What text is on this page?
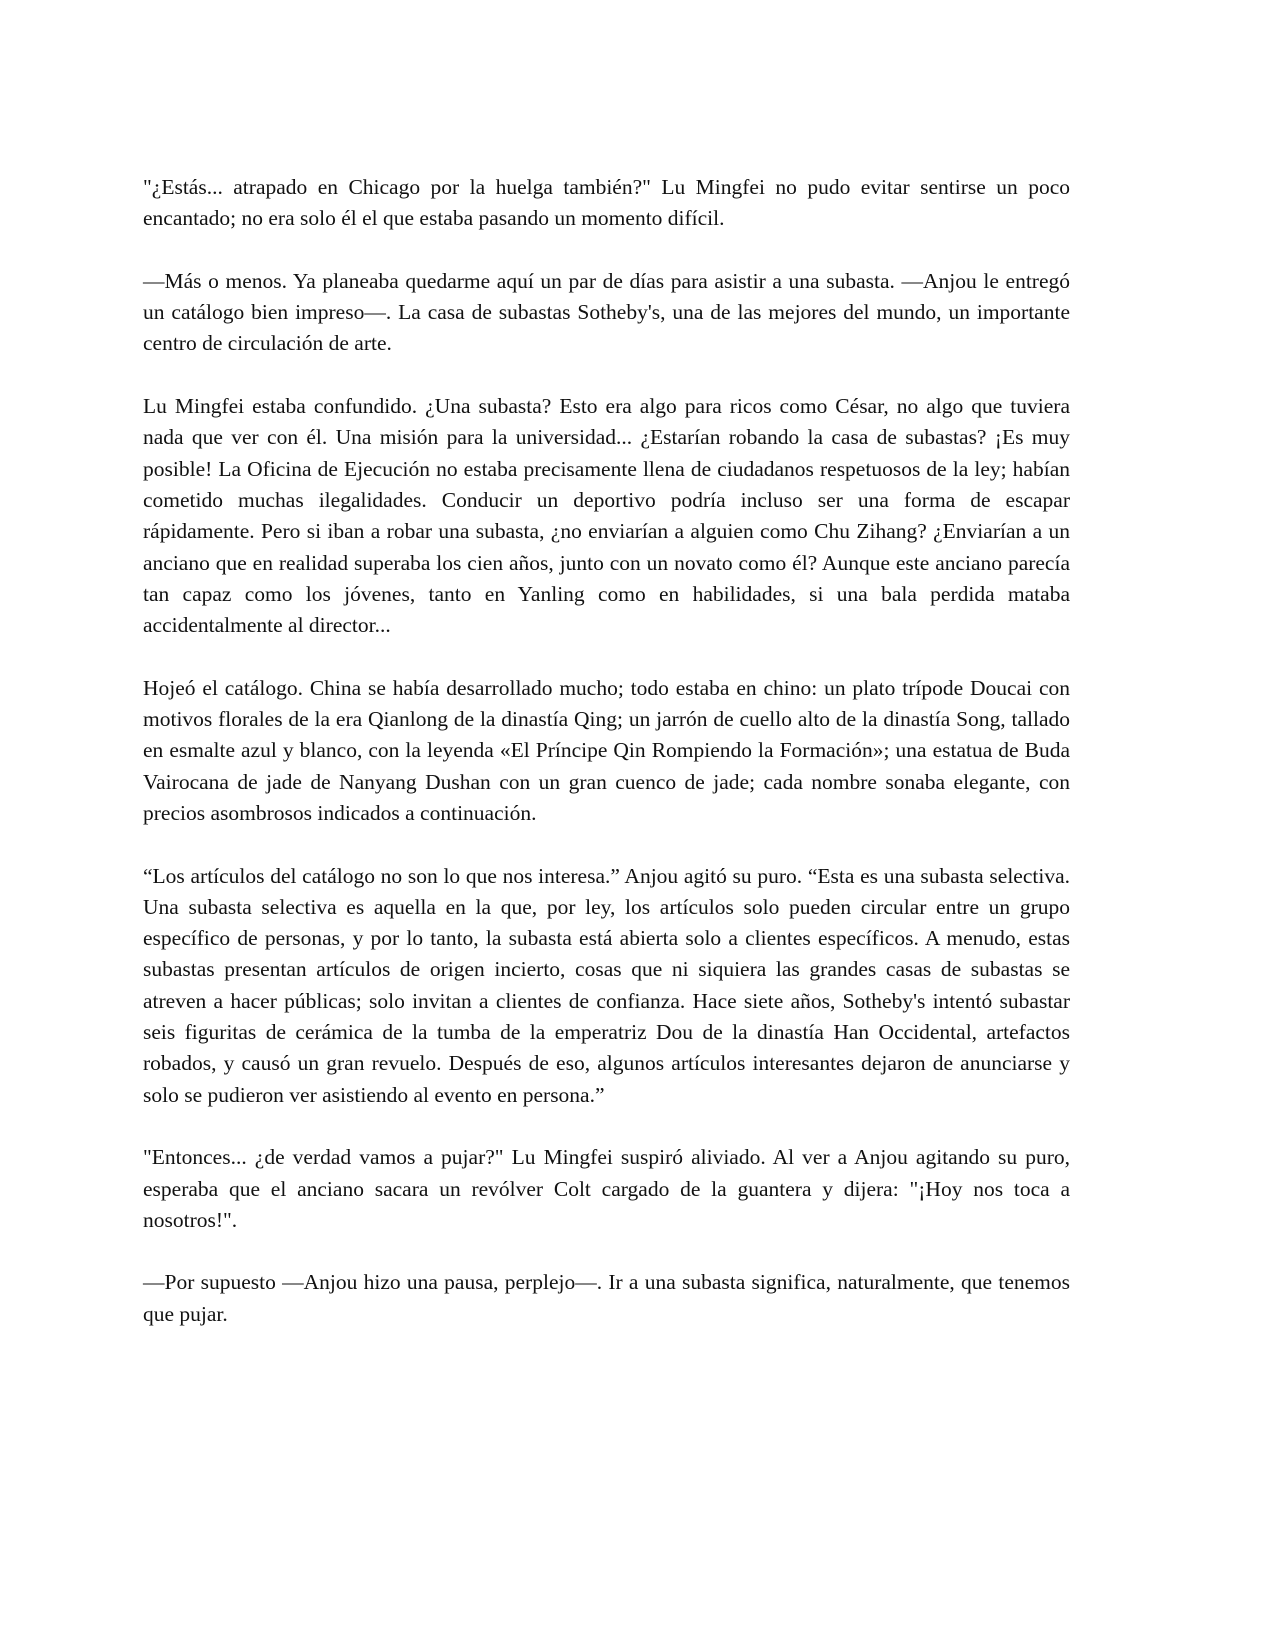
"¿Estás... atrapado en Chicago por la huelga también?" Lu Mingfei no pudo evitar sentirse un poco encantado; no era solo él el que estaba pasando un momento difícil.

—Más o menos. Ya planeaba quedarme aquí un par de días para asistir a una subasta. —Anjou le entregó un catálogo bien impreso—. La casa de subastas Sotheby's, una de las mejores del mundo, un importante centro de circulación de arte.

Lu Mingfei estaba confundido. ¿Una subasta? Esto era algo para ricos como César, no algo que tuviera nada que ver con él. Una misión para la universidad... ¿Estarían robando la casa de subastas? ¡Es muy posible! La Oficina de Ejecución no estaba precisamente llena de ciudadanos respetuosos de la ley; habían cometido muchas ilegalidades. Conducir un deportivo podría incluso ser una forma de escapar rápidamente. Pero si iban a robar una subasta, ¿no enviarían a alguien como Chu Zihang? ¿Enviarían a un anciano que en realidad superaba los cien años, junto con un novato como él? Aunque este anciano parecía tan capaz como los jóvenes, tanto en Yanling como en habilidades, si una bala perdida mataba accidentalmente al director...

Hojeó el catálogo. China se había desarrollado mucho; todo estaba en chino: un plato trípode Doucai con motivos florales de la era Qianlong de la dinastía Qing; un jarrón de cuello alto de la dinastía Song, tallado en esmalte azul y blanco, con la leyenda «El Príncipe Qin Rompiendo la Formación»; una estatua de Buda Vairocana de jade de Nanyang Dushan con un gran cuenco de jade; cada nombre sonaba elegante, con precios asombrosos indicados a continuación.

“Los artículos del catálogo no son lo que nos interesa.” Anjou agitó su puro. “Esta es una subasta selectiva. Una subasta selectiva es aquella en la que, por ley, los artículos solo pueden circular entre un grupo específico de personas, y por lo tanto, la subasta está abierta solo a clientes específicos. A menudo, estas subastas presentan artículos de origen incierto, cosas que ni siquiera las grandes casas de subastas se atreven a hacer públicas; solo invitan a clientes de confianza. Hace siete años, Sotheby's intentó subastar seis figuritas de cerámica de la tumba de la emperatriz Dou de la dinastía Han Occidental, artefactos robados, y causó un gran revuelo. Después de eso, algunos artículos interesantes dejaron de anunciarse y solo se pudieron ver asistiendo al evento en persona.”

"Entonces... ¿de verdad vamos a pujar?" Lu Mingfei suspiró aliviado. Al ver a Anjou agitando su puro, esperaba que el anciano sacara un revólver Colt cargado de la guantera y dijera: "¡Hoy nos toca a nosotros!".

—Por supuesto —Anjou hizo una pausa, perplejo—. Ir a una subasta significa, naturalmente, que tenemos que pujar.
